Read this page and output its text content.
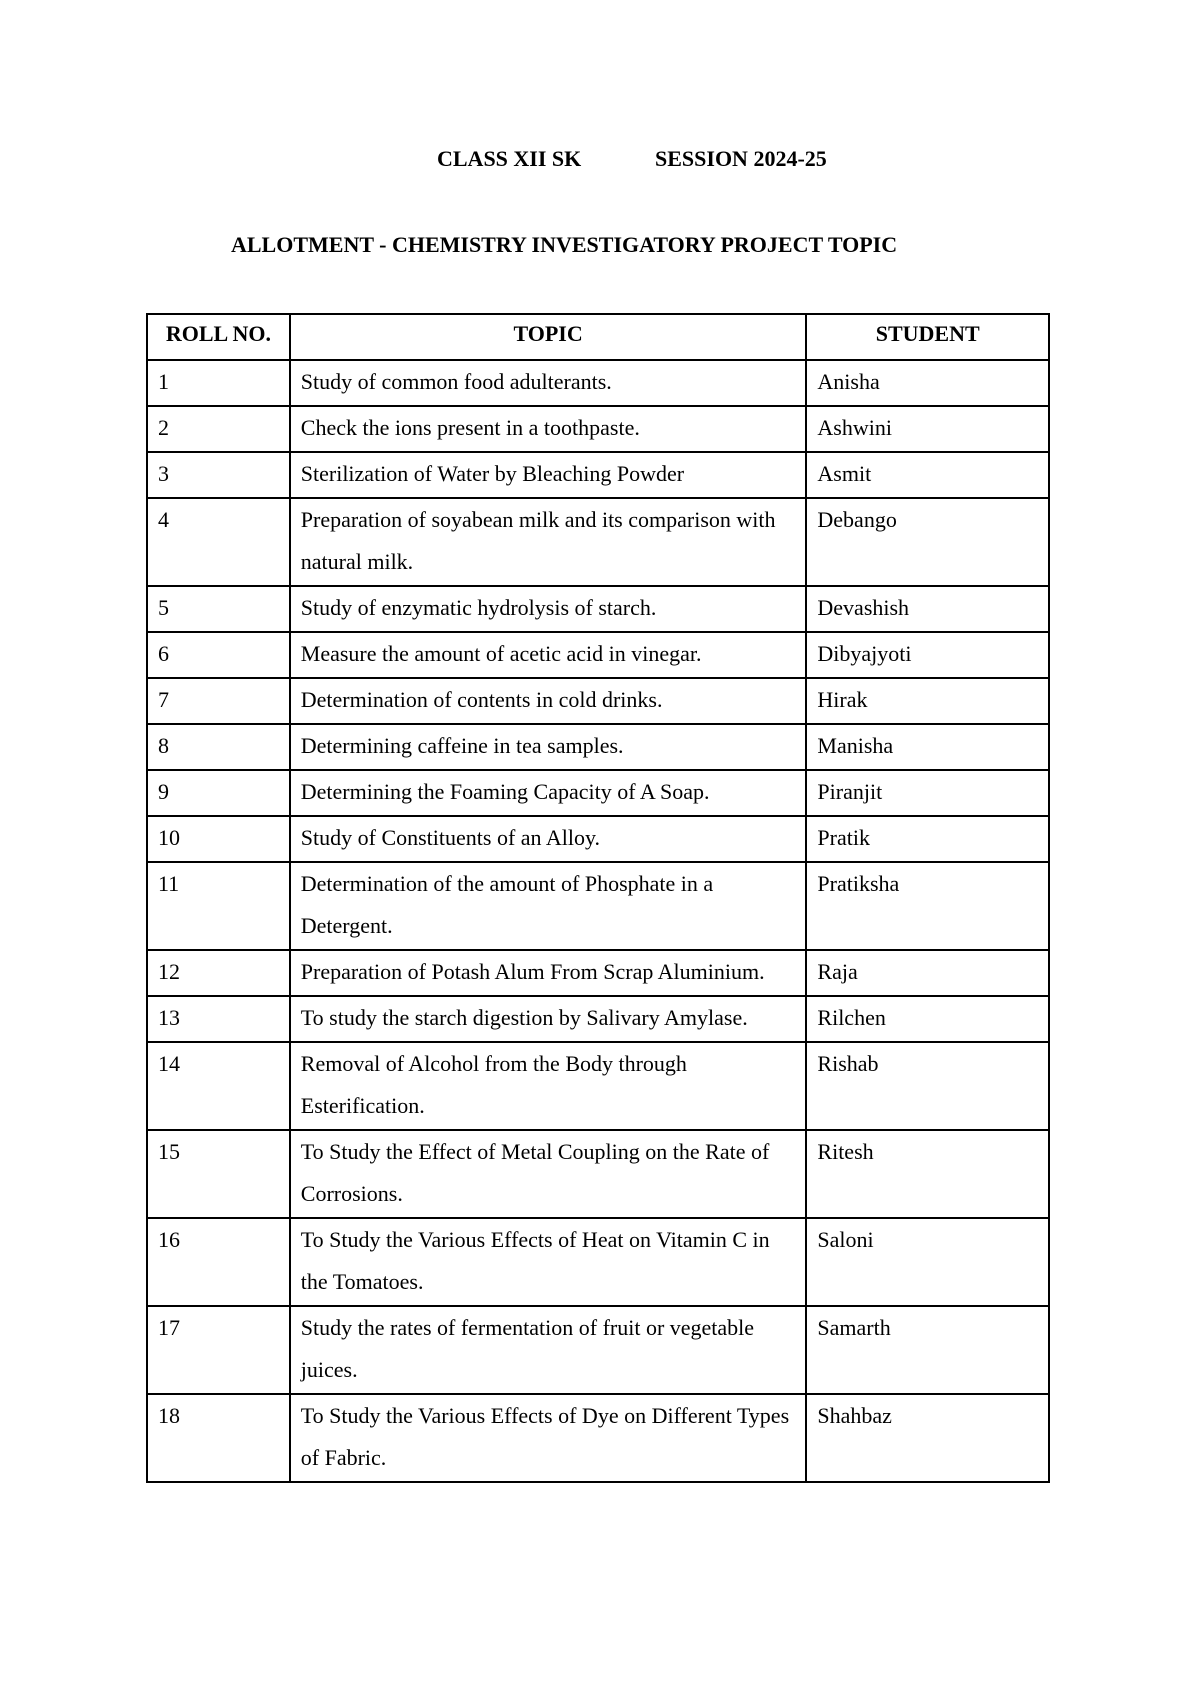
CLASS XII SK	SESSION 2024-25
ALLOTMENT - CHEMISTRY INVESTIGATORY PROJECT TOPIC
ROLL NO.	TOPIC	STUDENT
1	Study of common food adulterants.	Anisha
2	Check the ions present in a toothpaste.	Ashwini
3	Sterilization of Water by Bleaching Powder	Asmit
4	Preparation of soyabean milk and its comparison with natural milk.	Debango
5	Study of enzymatic hydrolysis of starch.	Devashish
6	Measure the amount of acetic acid in vinegar.	Dibyajyoti
7	Determination of contents in cold drinks.	Hirak
8	Determining caffeine in tea samples.	Manisha
9	Determining the Foaming Capacity of A Soap.	Piranjit
10	Study of Constituents of an Alloy.	Pratik
11	Determination of the amount of Phosphate in a Detergent.	Pratiksha
12	Preparation of Potash Alum From Scrap Aluminium.	Raja
13	To study the starch digestion by Salivary Amylase.	Rilchen
14	Removal of Alcohol from the Body through Esterification.	Rishab
15	To Study the Effect of Metal Coupling on the Rate of Corrosions.	Ritesh
16	To Study the Various Effects of Heat on Vitamin C in the Tomatoes.	Saloni
17	Study the rates of fermentation of fruit or vegetable juices.	Samarth
18	To Study the Various Effects of Dye on Different Types of Fabric.	Shahbaz
